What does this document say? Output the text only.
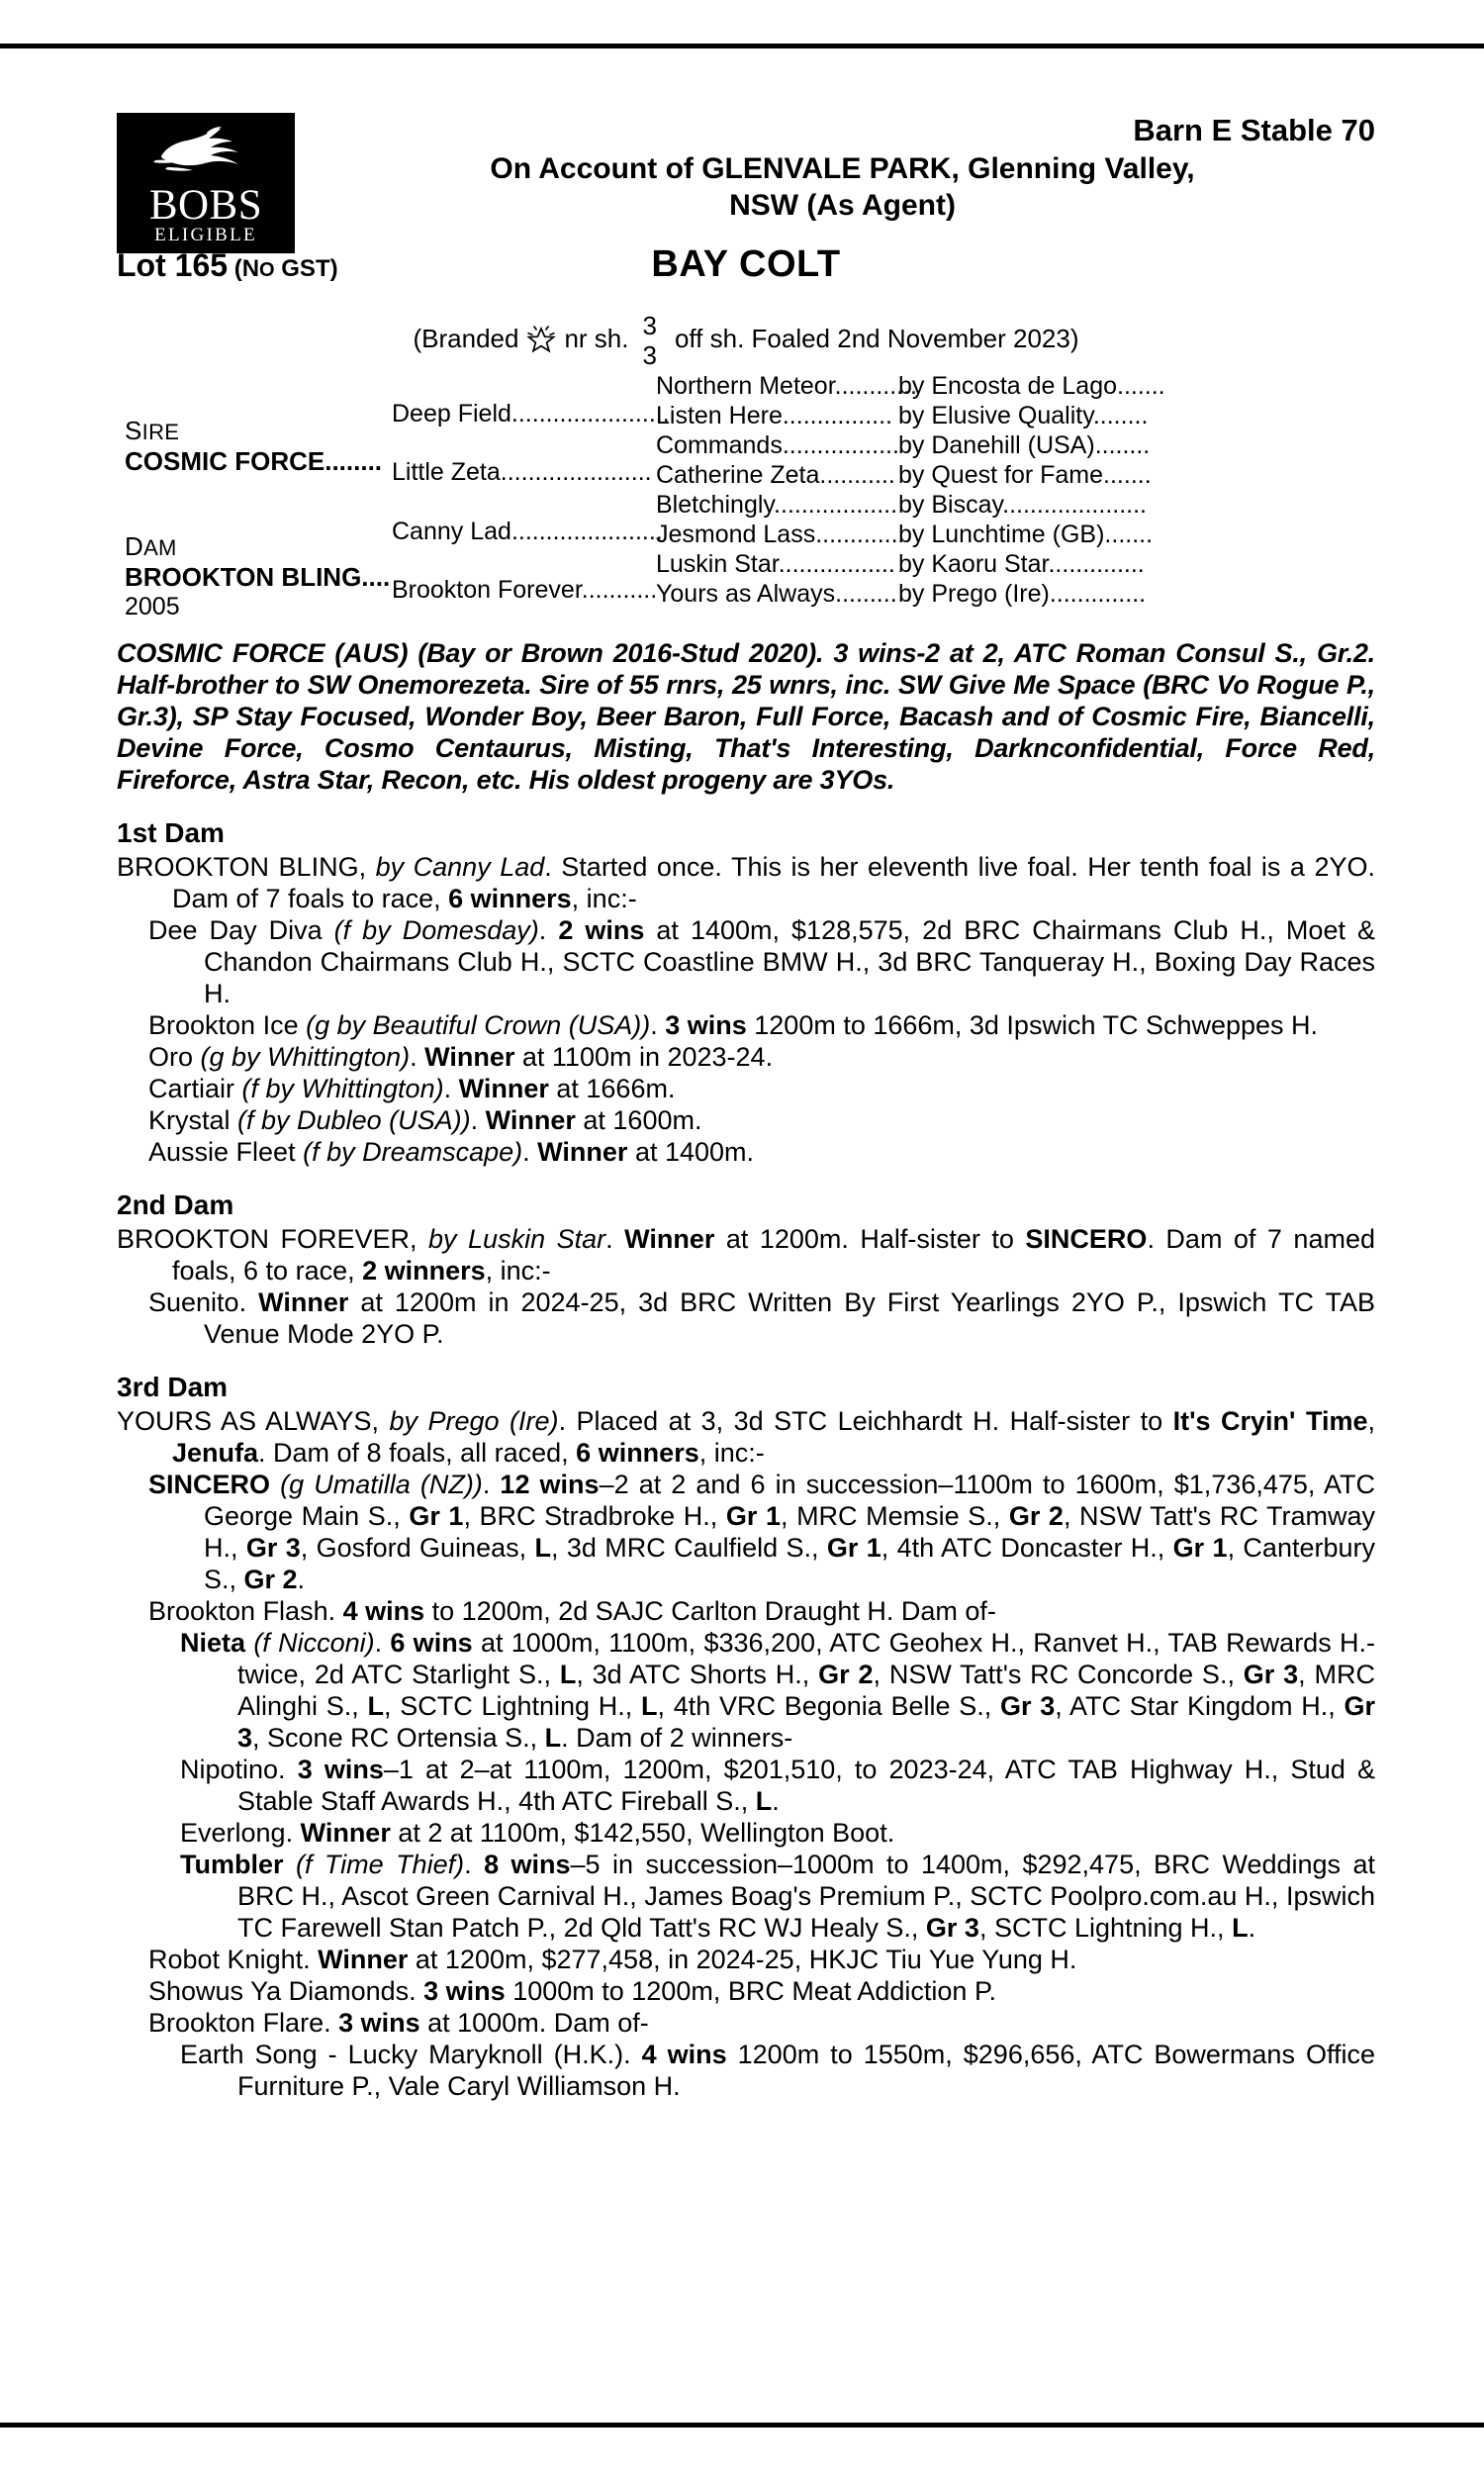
BOBS
ELIGIBLE
Barn E Stable 70
On Account of GLENVALE PARK, Glenning Valley,
NSW (As Agent)
Lot 165 (NO GST)	BAY COLT
(Branded nr sh. 3
3
off sh. Foaled 2nd November 2023)
SIRE
COSMIC FORCE........
DAM
BROOKTON BLING....
2005
Deep Field.......................
Little Zeta......................
Canny Lad......................
Brookton Forever...........
Northern Meteor............
Listen Here................
Commands.................
Catherine Zeta...........
Bletchingly..................
Jesmond Lass.............
Luskin Star.................
Yours as Always.........
by Encosta de Lago.......
by Elusive Quality........
by Danehill (USA)........
by Quest for Fame.......
by Biscay.....................
by Lunchtime (GB).......
by Kaoru Star..............
by Prego (Ire)..............
COSMIC FORCE (AUS) (Bay or Brown 2016-Stud 2020). 3 wins-2 at 2, ATC Roman Consul S., Gr.2. Half-brother to SW Onemorezeta. Sire of 55 rnrs, 25 wnrs, inc. SW Give Me Space (BRC Vo Rogue P., Gr.3), SP Stay Focused, Wonder Boy, Beer Baron, Full Force, Bacash and of Cosmic Fire, Biancelli, Devine Force, Cosmo Centaurus, Misting, That's Interesting, Darknconfidential, Force Red, Fireforce, Astra Star, Recon, etc. His oldest progeny are 3YOs.
1st Dam
BROOKTON BLING, by Canny Lad. Started once. This is her eleventh live foal. Her tenth foal is a 2YO. Dam of 7 foals to race, 6 winners, inc:-
Dee Day Diva (f by Domesday). 2 wins at 1400m, $128,575, 2d BRC Chairmans Club H., Moet & Chandon Chairmans Club H., SCTC Coastline BMW H., 3d BRC Tanqueray H., Boxing Day Races H.
Brookton Ice (g by Beautiful Crown (USA)). 3 wins 1200m to 1666m, 3d Ipswich TC Schweppes H.
Oro (g by Whittington). Winner at 1100m in 2023-24.
Cartiair (f by Whittington). Winner at 1666m.
Krystal (f by Dubleo (USA)). Winner at 1600m.
Aussie Fleet (f by Dreamscape). Winner at 1400m.
2nd Dam
BROOKTON FOREVER, by Luskin Star. Winner at 1200m. Half-sister to SINCERO. Dam of 7 named foals, 6 to race, 2 winners, inc:-
Suenito. Winner at 1200m in 2024-25, 3d BRC Written By First Yearlings 2YO P., Ipswich TC TAB Venue Mode 2YO P.
3rd Dam
YOURS AS ALWAYS, by Prego (Ire). Placed at 3, 3d STC Leichhardt H. Half-sister to It's Cryin' Time, Jenufa. Dam of 8 foals, all raced, 6 winners, inc:-
SINCERO (g Umatilla (NZ)). 12 wins–2 at 2 and 6 in succession–1100m to 1600m, $1,736,475, ATC George Main S., Gr 1, BRC Stradbroke H., Gr 1, MRC Memsie S., Gr 2, NSW Tatt's RC Tramway H., Gr 3, Gosford Guineas, L, 3d MRC Caulfield S., Gr 1, 4th ATC Doncaster H., Gr 1, Canterbury S., Gr 2.
Brookton Flash. 4 wins to 1200m, 2d SAJC Carlton Draught H. Dam of-
Nieta (f Nicconi). 6 wins at 1000m, 1100m, $336,200, ATC Geohex H., Ranvet H., TAB Rewards H.-twice, 2d ATC Starlight S., L, 3d ATC Shorts H., Gr 2, NSW Tatt's RC Concorde S., Gr 3, MRC Alinghi S., L, SCTC Lightning H., L, 4th VRC Begonia Belle S., Gr 3, ATC Star Kingdom H., Gr 3, Scone RC Ortensia S., L. Dam of 2 winners-
Nipotino. 3 wins–1 at 2–at 1100m, 1200m, $201,510, to 2023-24, ATC TAB Highway H., Stud & Stable Staff Awards H., 4th ATC Fireball S., L.
Everlong. Winner at 2 at 1100m, $142,550, Wellington Boot.
Tumbler (f Time Thief). 8 wins–5 in succession–1000m to 1400m, $292,475, BRC Weddings at BRC H., Ascot Green Carnival H., James Boag's Premium P., SCTC Poolpro.com.au H., Ipswich TC Farewell Stan Patch P., 2d Qld Tatt's RC WJ Healy S., Gr 3, SCTC Lightning H., L.
Robot Knight. Winner at 1200m, $277,458, in 2024-25, HKJC Tiu Yue Yung H.
Showus Ya Diamonds. 3 wins 1000m to 1200m, BRC Meat Addiction P.
Brookton Flare. 3 wins at 1000m. Dam of-
Earth Song - Lucky Maryknoll (H.K.). 4 wins 1200m to 1550m, $296,656, ATC Bowermans Office Furniture P., Vale Caryl Williamson H.
